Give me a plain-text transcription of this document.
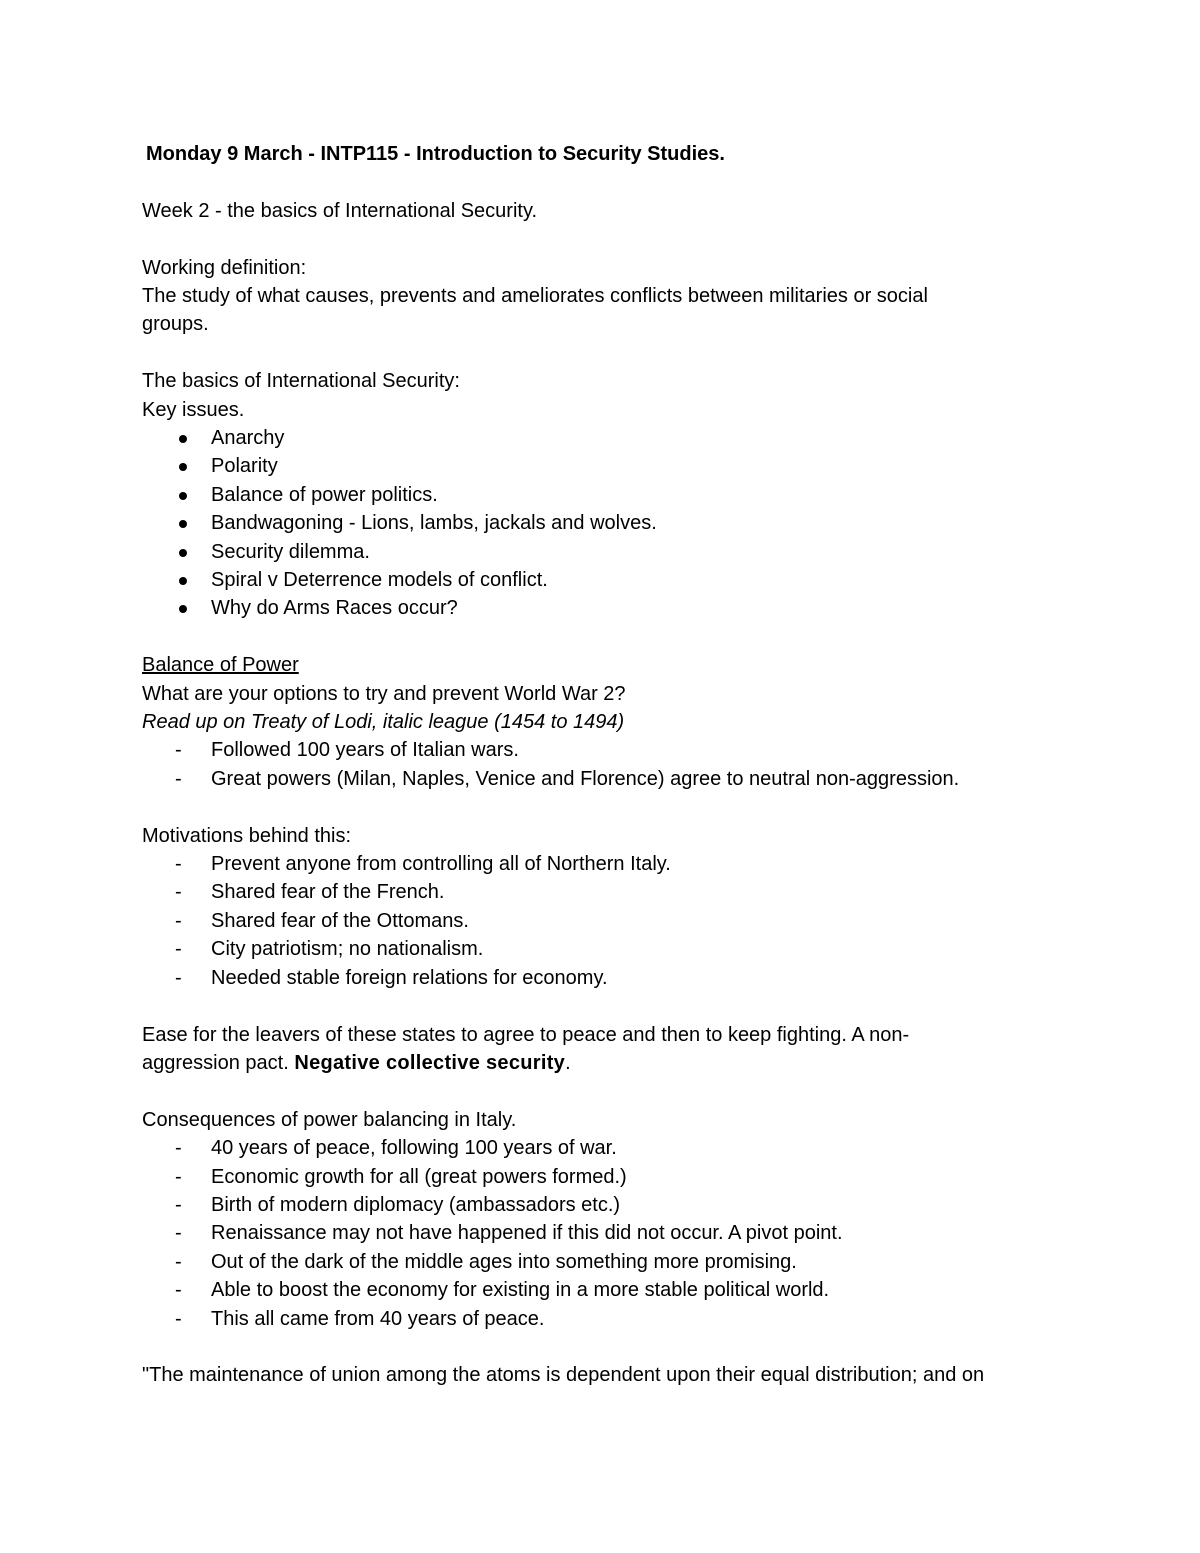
Monday 9 March - INTP115 - Introduction to Security Studies.

Week 2 - the basics of International Security.

Working definition:

The study of what causes, prevents and ameliorates conflicts between militaries or social

groups.

The basics of International Security:

Key issues.

Anarchy
Polarity
Balance of power politics.
Bandwagoning - Lions, lambs, jackals and wolves.
Security dilemma.
Spiral v Deterrence models of conflict.
Why do Arms Races occur?

Balance of Power

What are your options to try and prevent World War 2?

Read up on Treaty of Lodi, italic league (1454 to 1494)

- Followed 100 years of Italian wars.
- Great powers (Milan, Naples, Venice and Florence) agree to neutral non-aggression.

Motivations behind this:

- Prevent anyone from controlling all of Northern Italy.
- Shared fear of the French.
- Shared fear of the Ottomans.
- City patriotism; no nationalism.
- Needed stable foreign relations for economy.

Ease for the leavers of these states to agree to peace and then to keep fighting. A non-

aggression pact. Negative collective security.

Consequences of power balancing in Italy.

- 40 years of peace, following 100 years of war.
- Economic growth for all (great powers formed.)
- Birth of modern diplomacy (ambassadors etc.)
- Renaissance may not have happened if this did not occur. A pivot point.
- Out of the dark of the middle ages into something more promising.
- Able to boost the economy for existing in a more stable political world.
- This all came from 40 years of peace.

"The maintenance of union among the atoms is dependent upon their equal distribution; and on
